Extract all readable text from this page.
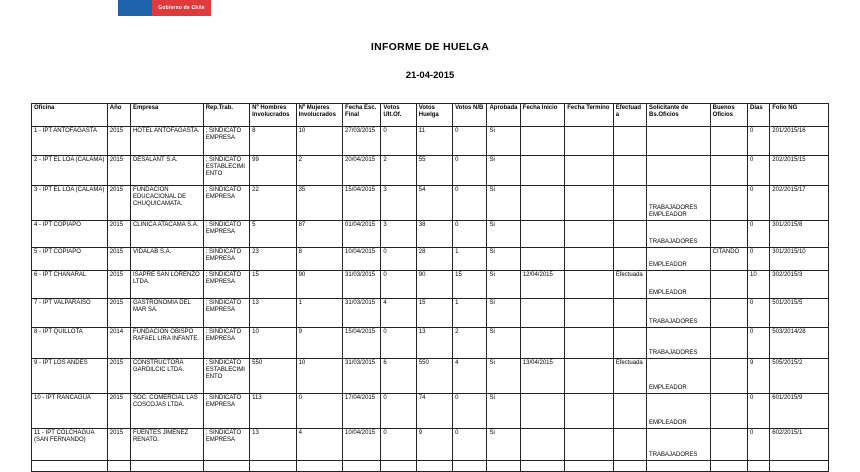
Gobierno de Chile
INFORME DE HUELGA
21-04-2015
Oficina	Año	Empresa	Rep.Trab.	Nº Hombres Involucrados	Nº Mujeres Involucrados	Fecha Esc. Final	Votos Ult.Of.	Votos Huelga	Votos N/B	Aprobada	Fecha Inicio	Fecha Termino	Efectuada	Solicitante de Bs.Oficios	Buenos Oficios	Días	Folio NG
1 - IPT ANTOFAGASTA	2015	HOTEL ANTOFAGASTA.	; SINDICATO EMPRESA	8	10	27/03/2015	0	11	0	Si						0	201/2015/16
2 - IPT EL LOA (CALAMA)	2015	DESALANT S.A.	; SINDICATO ESTABLECIMIENTO	99	2	20/04/2015	2	55	0	Si						0	202/2015/15
3 - IPT EL LOA (CALAMA)	2015	FUNDACION EDUCACIONAL DE CHUQUICAMATA.	; SINDICATO EMPRESA	22	35	15/04/2015	3	54	0	Si				TRABAJADORES EMPLEADOR		0	202/2015/17
4 - IPT COPIAPO	2015	CLINICA ATACAMA S.A.	; SINDICATO EMPRESA	5	87	01/04/2015	3	38	0	Si				TRABAJADORES		0	301/2015/8
5 - IPT COPIAPO	2015	VIDALAB S.A.	; SINDICATO EMPRESA	23	8	10/04/2015	0	28	1	Si				EMPLEADOR	CITANDO	0	301/2015/10
6 - IPT CHAÑARAL	2015	ISAPRE SAN LORENZO LTDA.	; SINDICATO EMPRESA	15	90	31/03/2015	0	90	15	Si	12/04/2015		Efectuada	EMPLEADOR		10	302/2015/3
7 - IPT VALPARAISO	2015	GASTRONOMIA DEL MAR SA.	; SINDICATO EMPRESA	13	1	31/03/2015	4	15	1	Si				TRABAJADORES		0	501/2015/5
8 - IPT QUILLOTA	2014	FUNDACIÓN OBISPO RAFAEL LIRA INFANTE.	; SINDICATO EMPRESA	10	9	15/04/2015	0	13	2	Si				TRABAJADORES		0	503/2014/28
9 - IPT LOS ANDES	2015	CONSTRUCTORA GARDILCIC LTDA.	; SINDICATO ESTABLECIMIENTO	550	10	31/03/2015	6	550	4	Si	13/04/2015		Efectuada	EMPLEADOR		9	505/2015/2
10 - IPT RANCAGUA	2015	SOC. COMERCIAL LAS COSCOJAS LTDA.	; SINDICATO EMPRESA	113	0	17/04/2015	0	74	0	Si				EMPLEADOR		0	601/2015/9
11 - IPT COLCHAGUA (SAN FERNANDO)	2015	FUENTES JIMENEZ RENATO.	; SINDICATO EMPRESA	13	4	10/04/2015	0	9	0	Si				TRABAJADORES		0	602/2015/1
